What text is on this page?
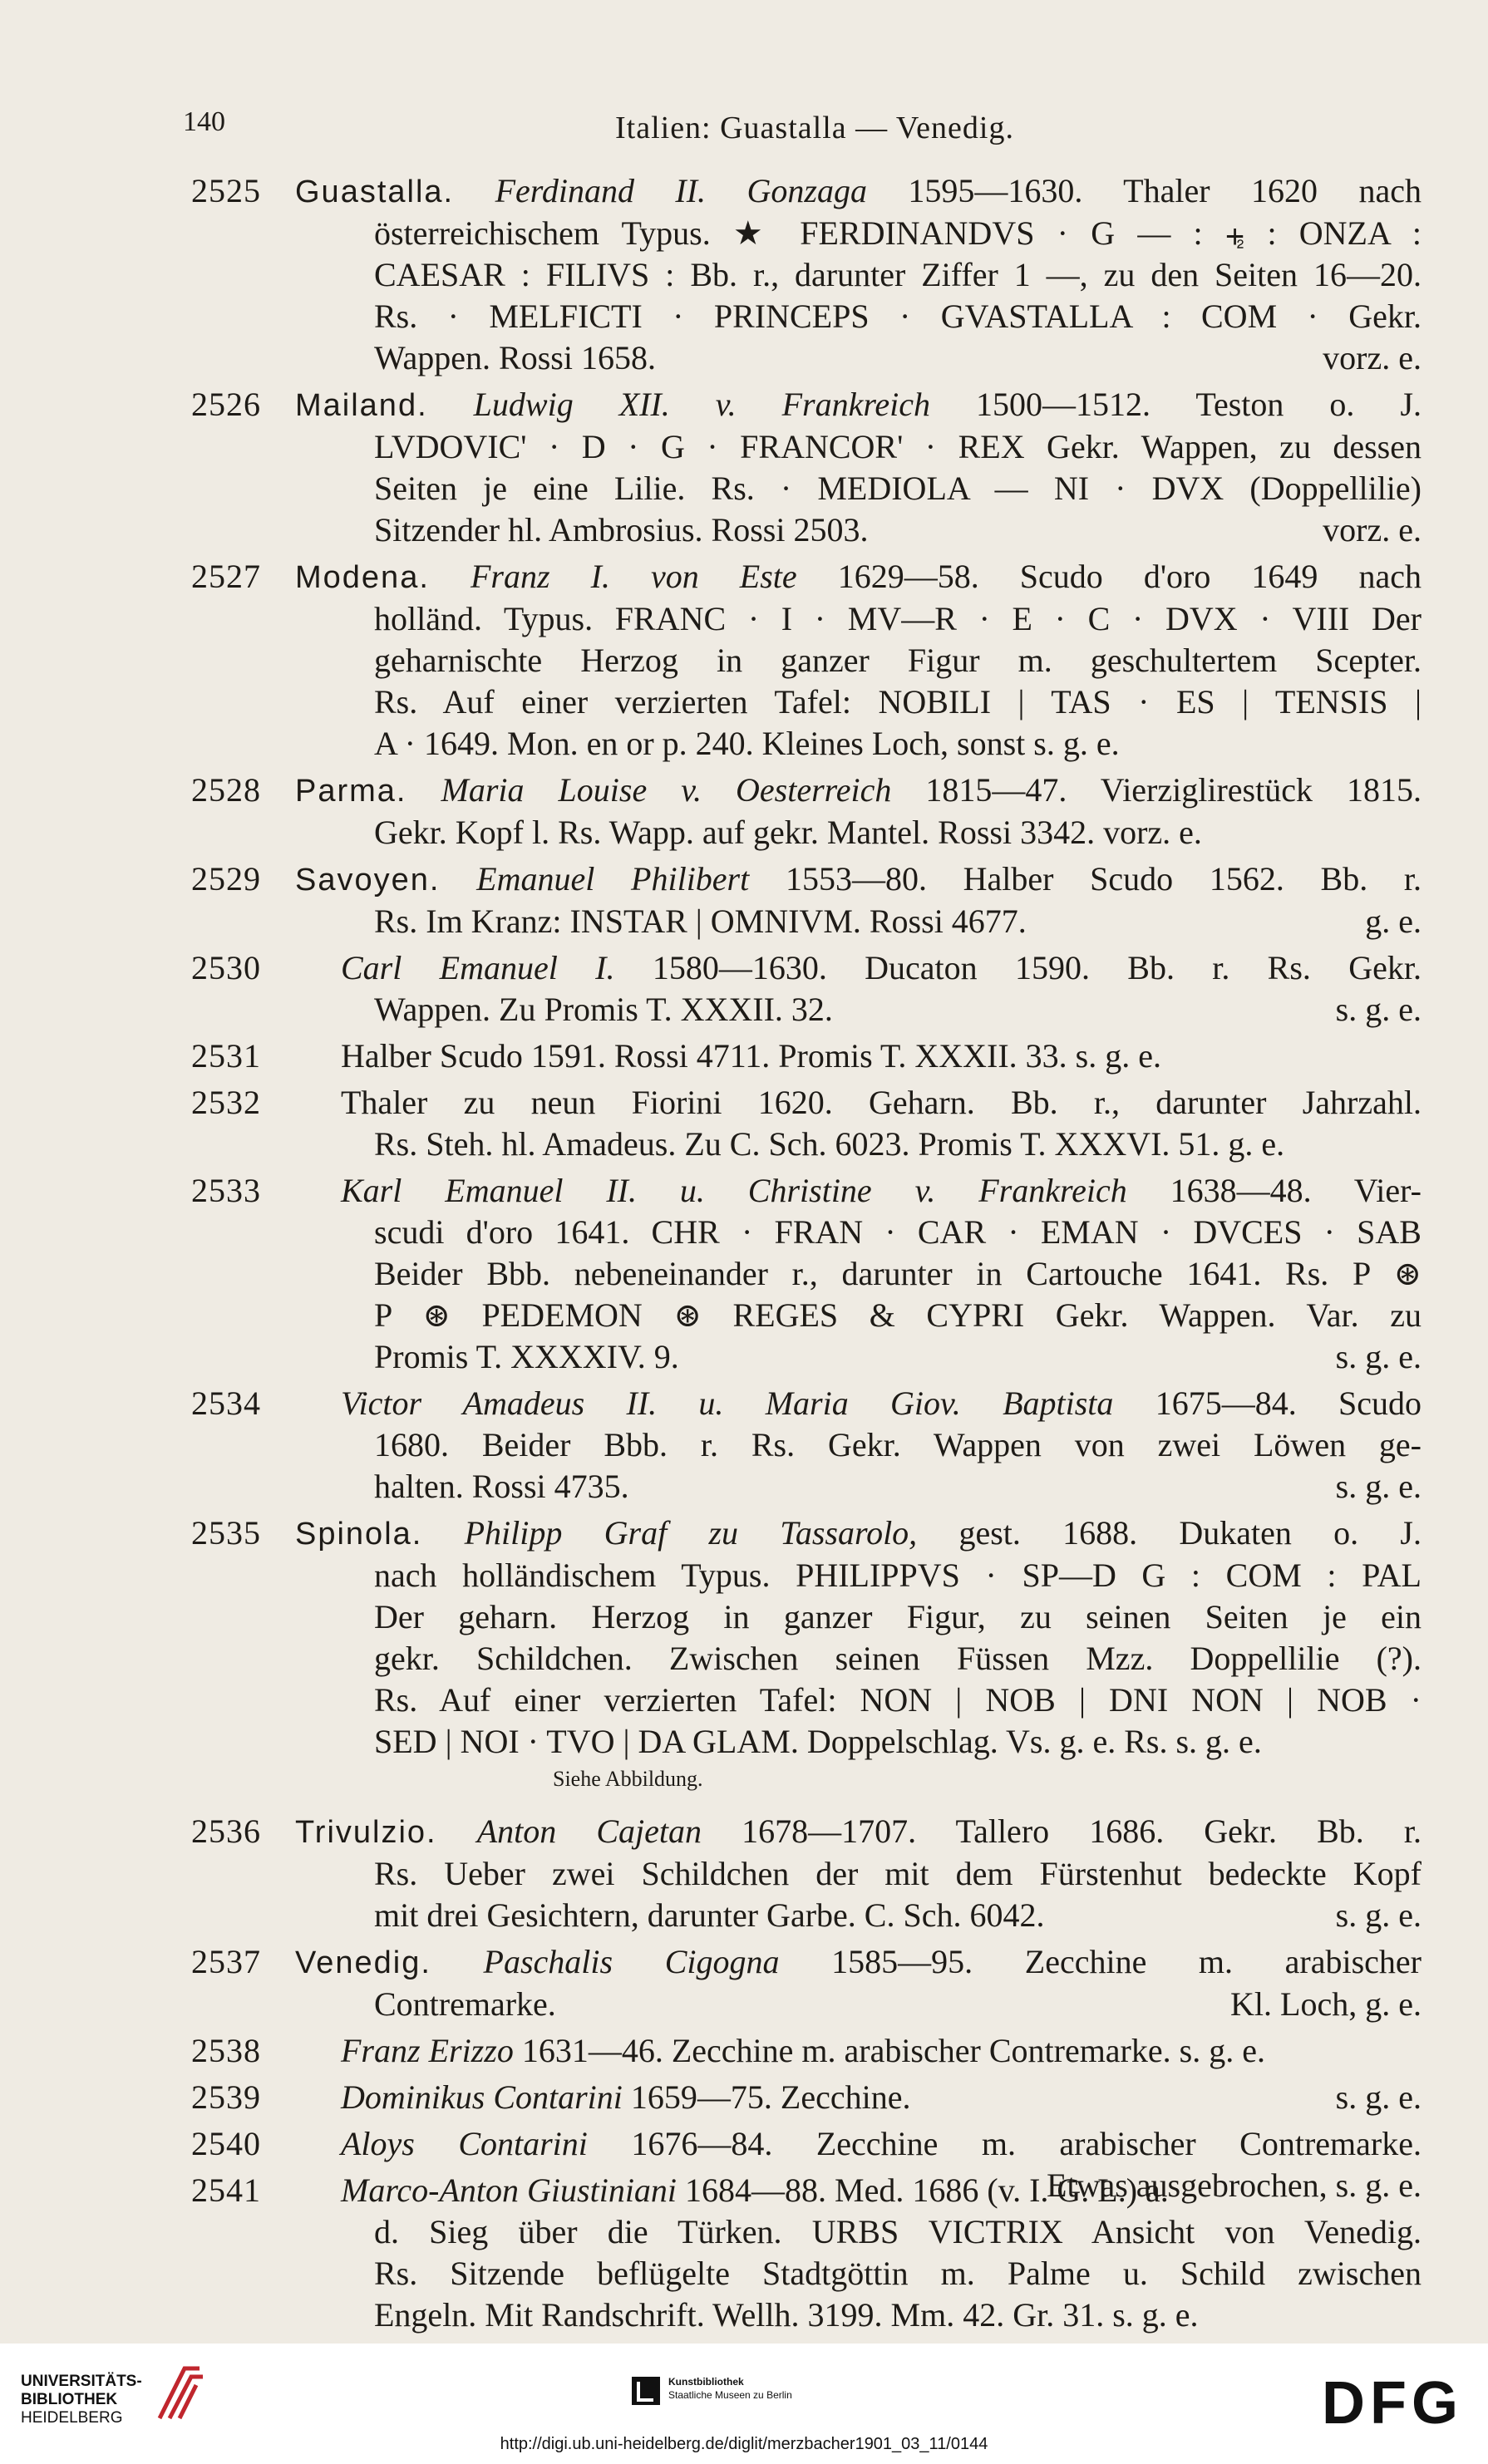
140	Italien: Guastalla — Venedig.
2525	Guastalla. Ferdinand II. Gonzaga 1595—1630. Thaler 1620 nach
österreichischem Typus. ★ FERDINANDVS · G — : ⨧ : ONZA :
CAESAR : FILIVS : Bb. r., darunter Ziffer 1 —, zu den Seiten 16—20.
Rs. · MELFICTI · PRINCEPS · GVASTALLA : COM · Gekr.
Wappen. Rossi 1658.	vorz. e.
2526	Mailand. Ludwig XII. v. Frankreich 1500—1512. Teston o. J.
LVDOVIC' · D · G · FRANCOR' · REX Gekr. Wappen, zu dessen
Seiten je eine Lilie. Rs. · MEDIOLA — NI · DVX (Doppellilie)
Sitzender hl. Ambrosius. Rossi 2503.	vorz. e.
2527	Modena. Franz I. von Este 1629—58. Scudo d'oro 1649 nach
holländ. Typus. FRANC · I · MV—R · E · C · DVX · VIII Der
geharnischte Herzog in ganzer Figur m. geschultertem Scepter.
Rs. Auf einer verzierten Tafel: NOBILI | TAS · ES | TENSIS |
A · 1649. Mon. en or p. 240. Kleines Loch, sonst s. g. e.
2528	Parma. Maria Louise v. Oesterreich 1815—47. Vierziglirestück 1815.
Gekr. Kopf l. Rs. Wapp. auf gekr. Mantel. Rossi 3342. vorz. e.
2529	Savoyen. Emanuel Philibert 1553—80. Halber Scudo 1562. Bb. r.
Rs. Im Kranz: INSTAR | OMNIVM. Rossi 4677.	g. e.
2530	Carl Emanuel I. 1580—1630. Ducaton 1590. Bb. r. Rs. Gekr.
Wappen. Zu Promis T. XXXII. 32.	s. g. e.
2531	Halber Scudo 1591. Rossi 4711. Promis T. XXXII. 33. s. g. e.
2532	Thaler zu neun Fiorini 1620. Geharn. Bb. r., darunter Jahrzahl.
Rs. Steh. hl. Amadeus. Zu C. Sch. 6023. Promis T. XXXVI. 51. g. e.
2533	Karl Emanuel II. u. Christine v. Frankreich 1638—48. Vier-
scudi d'oro 1641. CHR · FRAN · CAR · EMAN · DVCES · SAB
Beider Bbb. nebeneinander r., darunter in Cartouche 1641. Rs. P ⊛
P ⊛ PEDEMON ⊛ REGES & CYPRI Gekr. Wappen. Var. zu
Promis T. XXXXIV. 9.	s. g. e.
2534	Victor Amadeus II. u. Maria Giov. Baptista 1675—84. Scudo
1680. Beider Bbb. r. Rs. Gekr. Wappen von zwei Löwen ge-
halten. Rossi 4735.	s. g. e.
2535	Spinola. Philipp Graf zu Tassarolo, gest. 1688. Dukaten o. J.
nach holländischem Typus. PHILIPPVS · SP—D G : COM : PAL
Der geharn. Herzog in ganzer Figur, zu seinen Seiten je ein
gekr. Schildchen. Zwischen seinen Füssen Mzz. Doppellilie (?).
Rs. Auf einer verzierten Tafel: NON | NOB | DNI NON | NOB ·
SED | NOI · TVO | DA GLAM. Doppelschlag. Vs. g. e. Rs. s. g. e.
Siehe Abbildung.
2536	Trivulzio. Anton Cajetan 1678—1707. Tallero 1686. Gekr. Bb. r.
Rs. Ueber zwei Schildchen der mit dem Fürstenhut bedeckte Kopf
mit drei Gesichtern, darunter Garbe. C. Sch. 6042.	s. g. e.
2537	Venedig. Paschalis Cigogna 1585—95. Zecchine m. arabischer
Contremarke.	Kl. Loch, g. e.
2538	Franz Erizzo 1631—46. Zecchine m. arabischer Contremarke. s. g. e.
2539	Dominikus Contarini 1659—75. Zecchine.	s. g. e.
2540	Aloys Contarini 1676—84. Zecchine m. arabischer Contremarke.
Etwas ausgebrochen, s. g. e.
2541	Marco-Anton Giustiniani 1684—88. Med. 1686 (v. I. G. L.) a.
d. Sieg über die Türken. URBS VICTRIX Ansicht von Venedig.
Rs. Sitzende beflügelte Stadtgöttin m. Palme u. Schild zwischen
Engeln. Mit Randschrift. Wellh. 3199. Mm. 42. Gr. 31. s. g. e.
UNIVERSITÄTS-
BIBLIOTHEK
HEIDELBERG
Kunstbibliothek
Staatliche Museen zu Berlin	DFG
http://digi.ub.uni-heidelberg.de/diglit/merzbacher1901_03_11/0144
